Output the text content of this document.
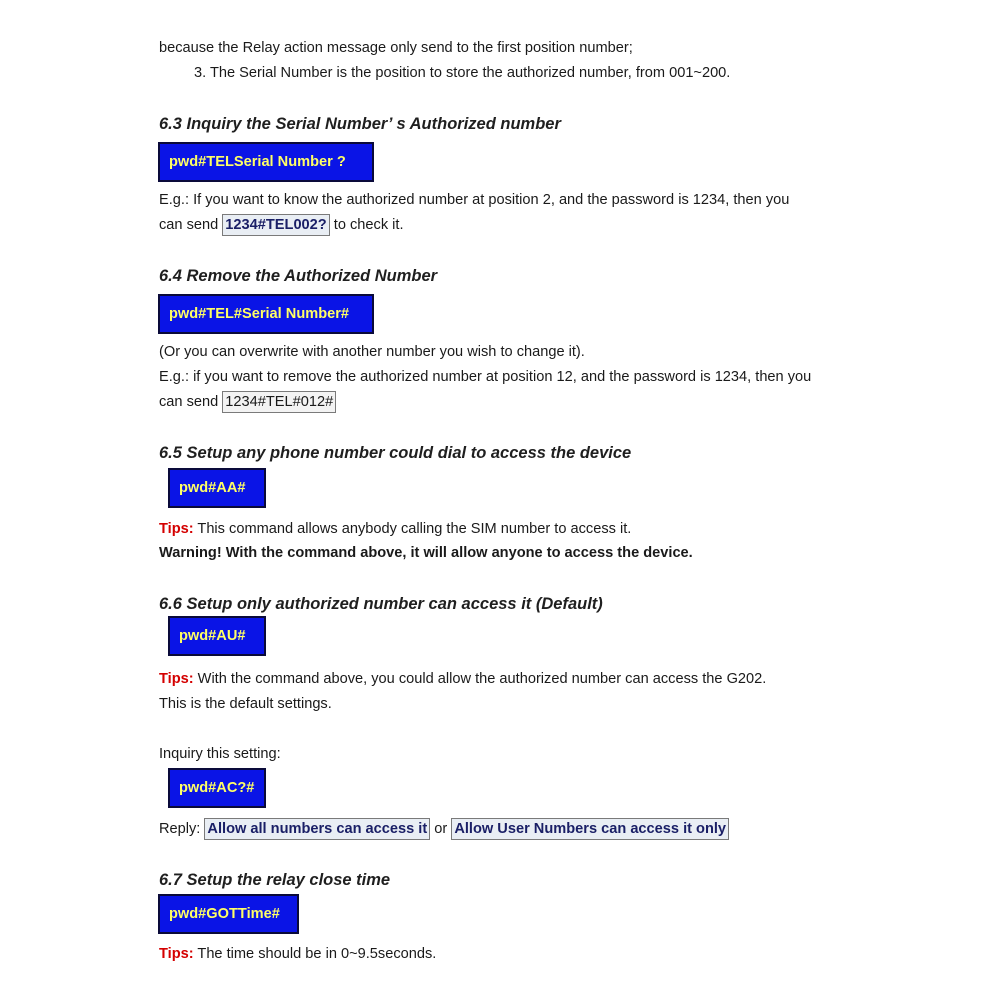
because the Relay action message only send to the first position number;
3. The Serial Number is the position to store the authorized number, from 001~200.
6.3 Inquiry the Serial Number’ s Authorized number
pwd#TELSerial Number ?
E.g.: If you want to know the authorized number at position 2, and the password is 1234, then you
can send 1234#TEL002? to check it.
6.4 Remove the Authorized Number
pwd#TEL#Serial Number#
(Or you can overwrite with another number you wish to change it).
E.g.: if you want to remove the authorized number at position 12, and the password is 1234, then you
can send 1234#TEL#012#
6.5 Setup any phone number could dial to access the device
pwd#AA#
Tips: This command allows anybody calling the SIM number to access it.
Warning! With the command above, it will allow anyone to access the device.
6.6 Setup only authorized number can access it (Default)
pwd#AU#
Tips: With the command above, you could allow the authorized number can access the G202.
This is the default settings.
Inquiry this setting:
pwd#AC?#
Reply: Allow all numbers can access it or Allow User Numbers can access it only
6.7 Setup the relay close time
pwd#GOTTime#
Tips: The time should be in 0~9.5seconds.
